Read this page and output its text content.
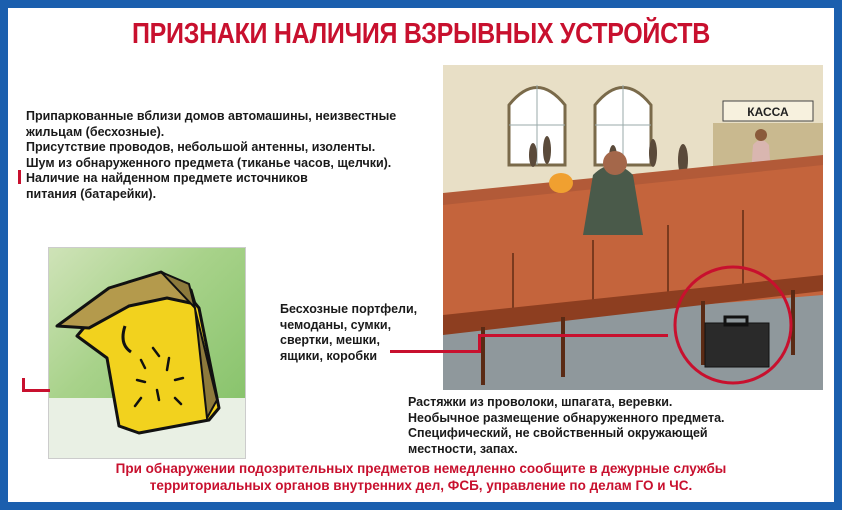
ПРИЗНАКИ НАЛИЧИЯ ВЗРЫВНЫХ УСТРОЙСТВ
Припаркованные вблизи домов автомашины, неизвестные
жильцам (бесхозные).
Присутствие проводов, небольшой антенны, изоленты.
Шум из обнаруженного предмета (тиканье часов, щелчки).
Наличие на найденном предмете источников
питания (батарейки).
КАССА
Бесхозные портфели,
чемоданы, сумки,
свертки, мешки,
ящики, коробки
Растяжки из проволоки, шпагата, веревки.
Необычное размещение обнаруженного предмета.
Специфический, не свойственный окружающей
местности, запах.
При обнаружении подозрительных предметов немедленно сообщите в дежурные службы
территориальных органов внутренних дел, ФСБ, управление по делам ГО и ЧС.
